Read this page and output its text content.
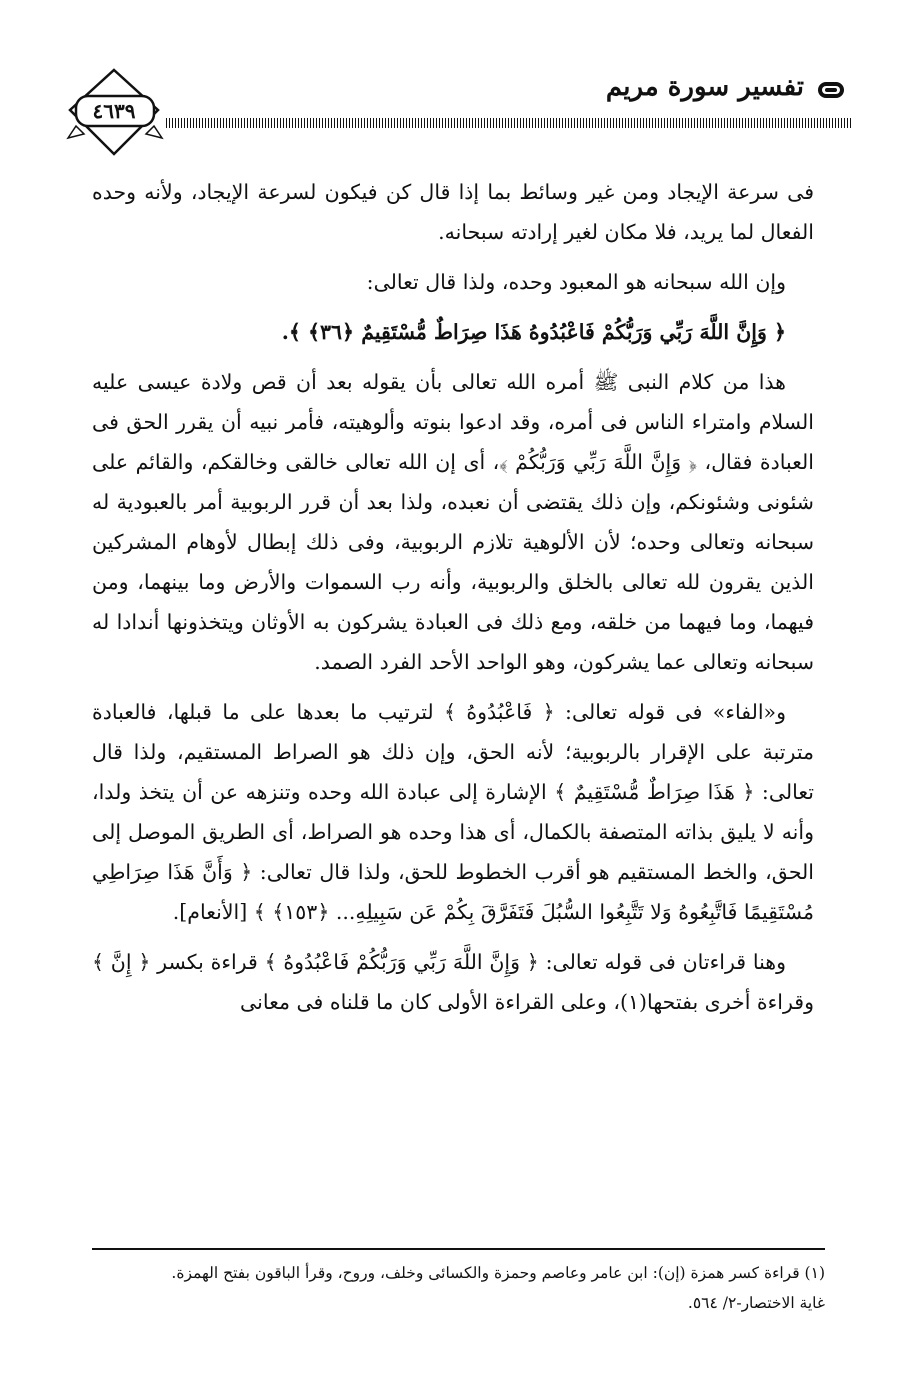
٤٦٣٩
تفسير سورة مريم

فى سرعة الإيجاد ومن غير وسائط بما إذا قال كن فيكون لسرعة الإيجاد، ولأنه وحده الفعال لما يريد، فلا مكان لغير إرادته سبحانه.

وإن الله سبحانه هو المعبود وحده، ولذا قال تعالى:

﴿ وَإِنَّ اللَّهَ رَبِّي وَرَبُّكُمْ فَاعْبُدُوهُ هَذَا صِرَاطٌ مُّسْتَقِيمٌ ﴿٣٦﴾ ﴾.

هذا من كلام النبى ﷺ أمره الله تعالى بأن يقوله بعد أن قص ولادة عيسى عليه السلام وامتراء الناس فى أمره، وقد ادعوا بنوته وألوهيته، فأمر نبيه أن يقرر الحق فى العبادة فقال، ﴿ وَإِنَّ اللَّهَ رَبِّي وَرَبُّكُمْ ﴾، أى إن الله تعالى خالقى وخالقكم، والقائم على شئونى وشئونكم، وإن ذلك يقتضى أن نعبده، ولذا بعد أن قرر الربوبية أمر بالعبودية له سبحانه وتعالى وحده؛ لأن الألوهية تلازم الربوبية، وفى ذلك إبطال لأوهام المشركين الذين يقرون لله تعالى بالخلق والربوبية، وأنه رب السموات والأرض وما بينهما، ومن فيهما، وما فيهما من خلقه، ومع ذلك فى العبادة يشركون به الأوثان ويتخذونها أندادا له سبحانه وتعالى عما يشركون، وهو الواحد الأحد الفرد الصمد.

و«الفاء» فى قوله تعالى: ﴿ فَاعْبُدُوهُ ﴾ لترتيب ما بعدها على ما قبلها، فالعبادة مترتبة على الإقرار بالربوبية؛ لأنه الحق، وإن ذلك هو الصراط المستقيم، ولذا قال تعالى: ﴿ هَذَا صِرَاطٌ مُّسْتَقِيمٌ ﴾ الإشارة إلى عبادة الله وحده وتنزهه عن أن يتخذ ولدا، وأنه لا يليق بذاته المتصفة بالكمال، أى هذا وحده هو الصراط، أى الطريق الموصل إلى الحق، والخط المستقيم هو أقرب الخطوط للحق، ولذا قال تعالى: ﴿ وَأَنَّ هَذَا صِرَاطِي مُسْتَقِيمًا فَاتَّبِعُوهُ وَلا تَتَّبِعُوا السُّبُلَ فَتَفَرَّقَ بِكُمْ عَن سَبِيلِهِ... ﴿١٥٣﴾ ﴾ [الأنعام].

وهنا قراءتان فى قوله تعالى: ﴿ وَإِنَّ اللَّهَ رَبِّي وَرَبُّكُمْ فَاعْبُدُوهُ ﴾ قراءة بكسر ﴿ إِنَّ ﴾ وقراءة أخرى بفتحها(١)، وعلى القراءة الأولى كان ما قلناه فى معانى

(١) قراءة كسر همزة (إن): ابن عامر وعاصم وحمزة والكسائى وخلف، وروح، وقرأ الباقون بفتح الهمزة.

غاية الاختصار-٢/ ٥٦٤.
